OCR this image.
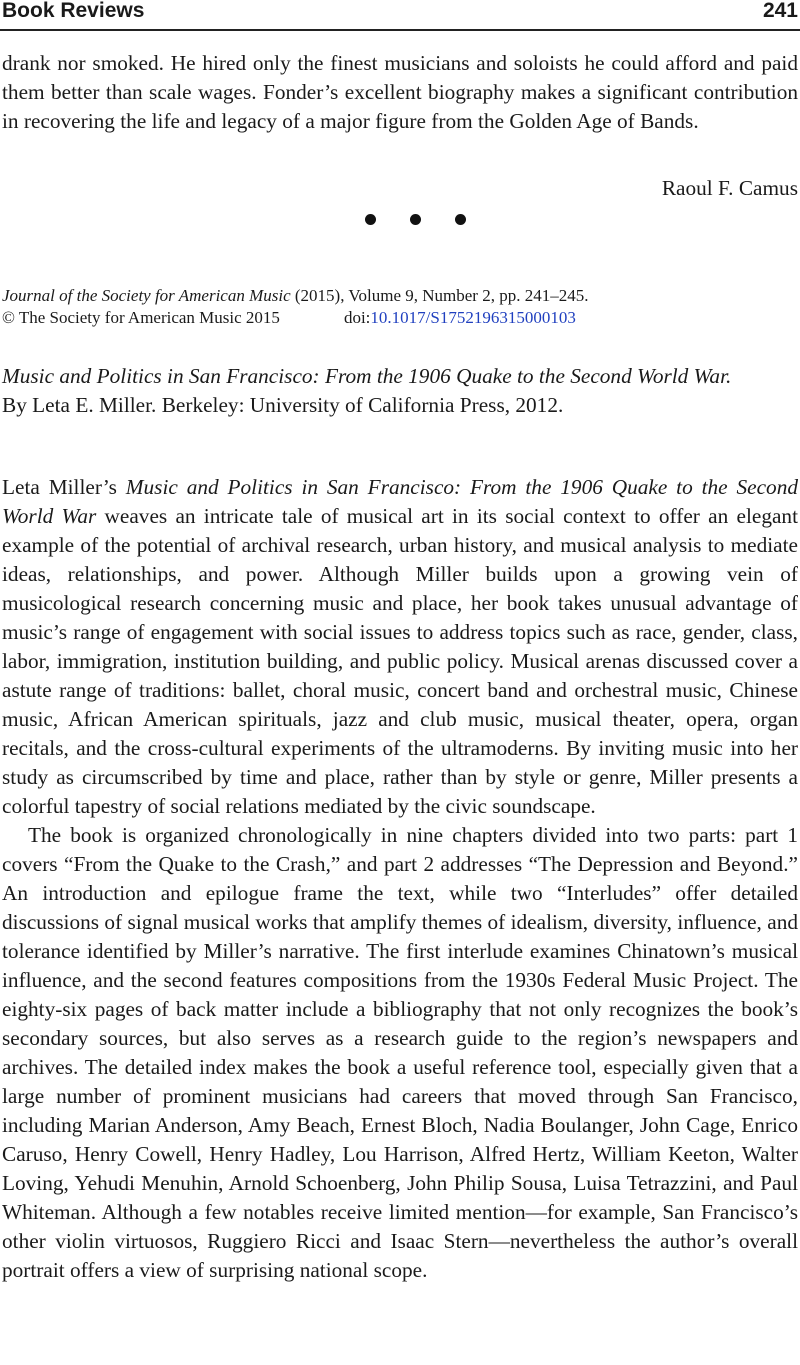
Book Reviews	241

drank nor smoked. He hired only the finest musicians and soloists he could afford and paid them better than scale wages. Fonder’s excellent biography makes a significant contribution in recovering the life and legacy of a major figure from the Golden Age of Bands.

Raoul F. Camus
Journal of the Society for American Music (2015), Volume 9, Number 2, pp. 241–245.
© The Society for American Music 2015	doi:10.1017/S1752196315000103
Music and Politics in San Francisco: From the 1906 Quake to the Second World War.
By Leta E. Miller. Berkeley: University of California Press, 2012.

Leta Miller’s Music and Politics in San Francisco: From the 1906 Quake to the Second World War weaves an intricate tale of musical art in its social context to offer an elegant example of the potential of archival research, urban history, and musical analysis to mediate ideas, relationships, and power. Although Miller builds upon a growing vein of musicological research concerning music and place, her book takes unusual advantage of music’s range of engagement with social issues to address topics such as race, gender, class, labor, immigration, institution building, and public policy. Musical arenas discussed cover a astute range of traditions: ballet, choral music, concert band and orchestral music, Chinese music, African American spirituals, jazz and club music, musical theater, opera, organ recitals, and the cross-cultural experiments of the ultramoderns. By inviting music into her study as circumscribed by time and place, rather than by style or genre, Miller presents a colorful tapestry of social relations mediated by the civic soundscape.

The book is organized chronologically in nine chapters divided into two parts: part 1 covers “From the Quake to the Crash,” and part 2 addresses “The Depression and Beyond.” An introduction and epilogue frame the text, while two “Interludes” offer detailed discussions of signal musical works that amplify themes of idealism, diversity, influence, and tolerance identified by Miller’s narrative. The first interlude examines Chinatown’s musical influence, and the second features compositions from the 1930s Federal Music Project. The eighty-six pages of back matter include a bibliography that not only recognizes the book’s secondary sources, but also serves as a research guide to the region’s newspapers and archives. The detailed index makes the book a useful reference tool, especially given that a large number of prominent musicians had careers that moved through San Francisco, including Marian Anderson, Amy Beach, Ernest Bloch, Nadia Boulanger, John Cage, Enrico Caruso, Henry Cowell, Henry Hadley, Lou Harrison, Alfred Hertz, William Keeton, Walter Loving, Yehudi Menuhin, Arnold Schoenberg, John Philip Sousa, Luisa Tetrazzini, and Paul Whiteman. Although a few notables receive limited mention—for example, San Francisco’s other violin virtuosos, Ruggiero Ricci and Isaac Stern—nevertheless the author’s overall portrait offers a view of surprising national scope.
